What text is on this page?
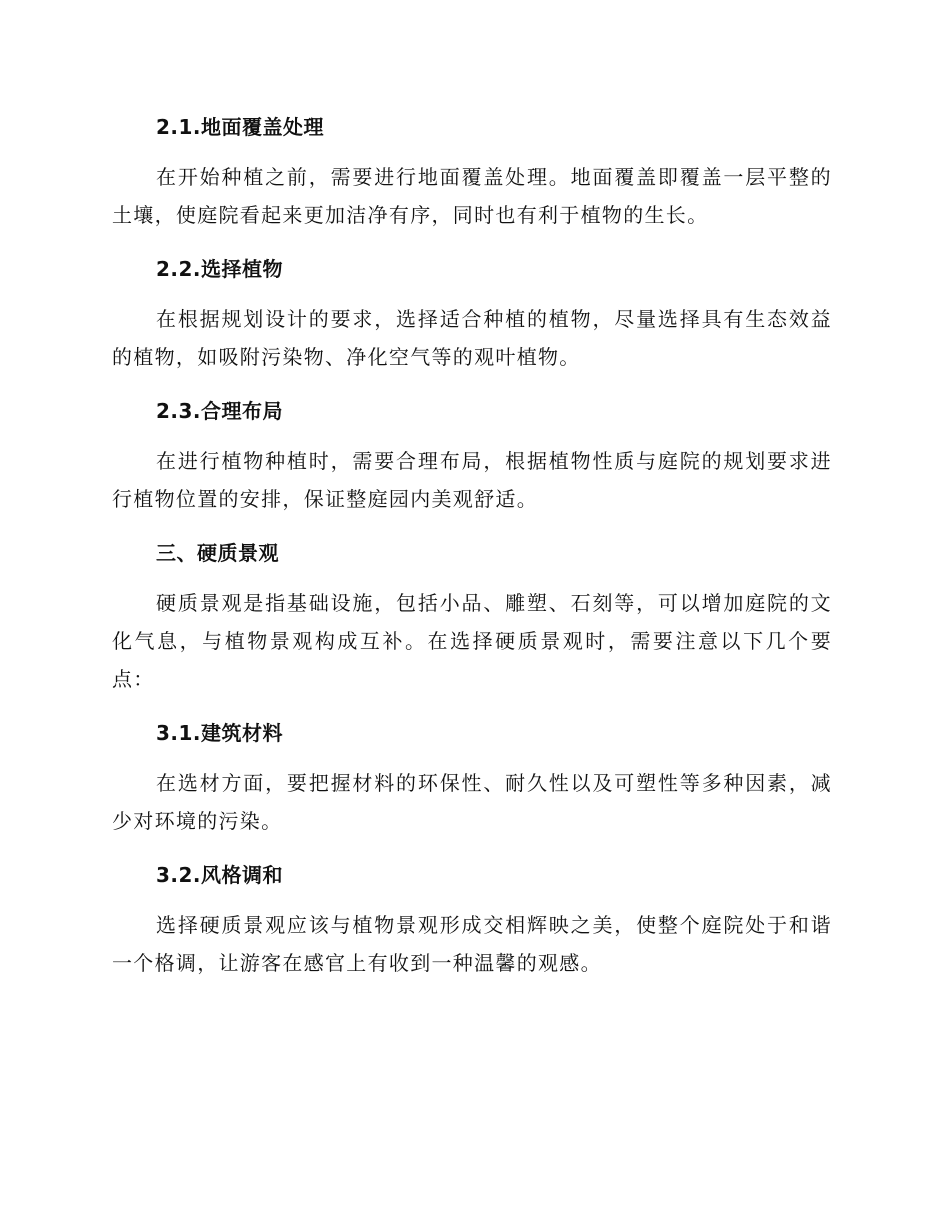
2.1.地面覆盖处理

在开始种植之前，需要进行地面覆盖处理。地面覆盖即覆盖一层平整的土壤，使庭院看起来更加洁净有序，同时也有利于植物的生长。

2.2.选择植物

在根据规划设计的要求，选择适合种植的植物，尽量选择具有生态效益的植物，如吸附污染物、净化空气等的观叶植物。

2.3.合理布局

在进行植物种植时，需要合理布局，根据植物性质与庭院的规划要求进行植物位置的安排，保证整庭园内美观舒适。

三、硬质景观

硬质景观是指基础设施，包括小品、雕塑、石刻等，可以增加庭院的文化气息，与植物景观构成互补。在选择硬质景观时，需要注意以下几个要点：

3.1.建筑材料

在选材方面，要把握材料的环保性、耐久性以及可塑性等多种因素，减少对环境的污染。

3.2.风格调和

选择硬质景观应该与植物景观形成交相辉映之美，使整个庭院处于和谐一个格调，让游客在感官上有收到一种温馨的观感。
